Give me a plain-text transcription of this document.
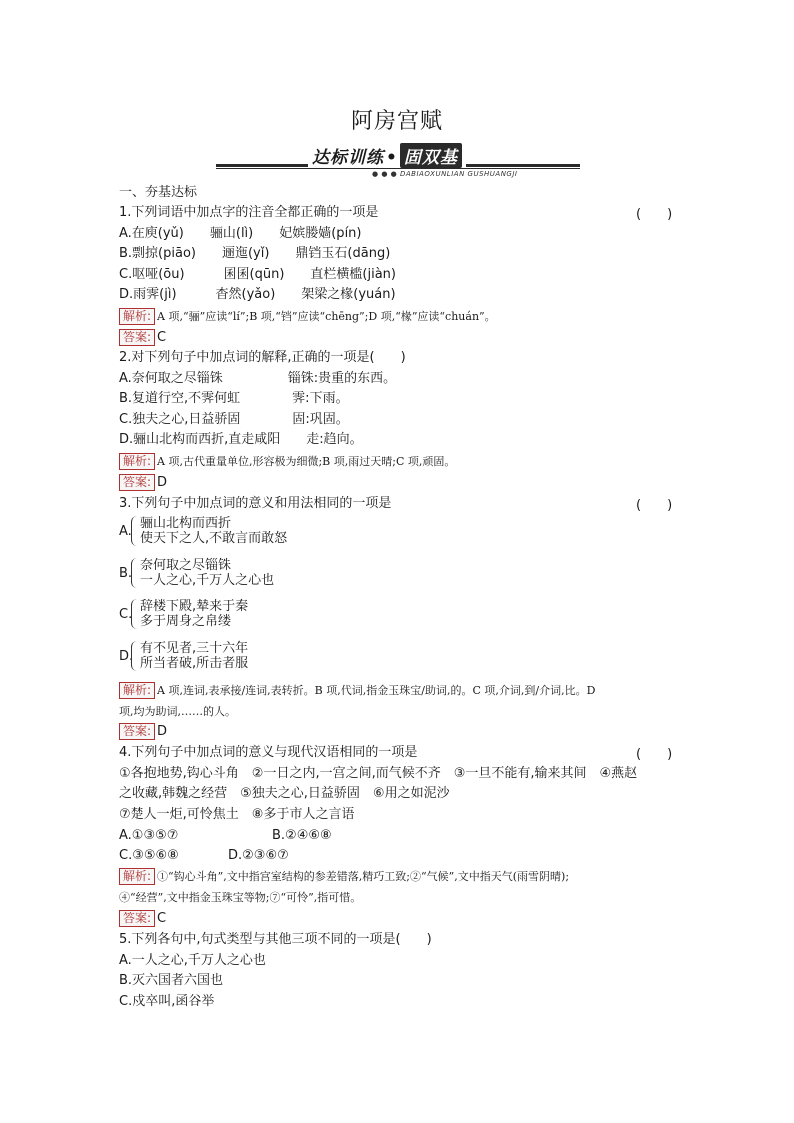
阿房宫赋
达标训练 • 固双基
● ● ● DABIAOXUNLIAN GUSHUANGJI
一、夯基达标
1.下列词语中加点字的注音全都正确的一项是	(　　)
A.在庾(yǔ)　　骊山(lì)　　妃嫔媵嫱(pín)
B.剽掠(piāo)　　逦迤(yǐ)　　鼎铛玉石(dāng)
C.呕哑(ōu)　　　囷囷(qūn)　　直栏横槛(jiàn)
D.雨霁(jì)　　　杳然(yǎo)　　架梁之椽(yuán)
解析: A 项,“骊”应读“lí”;B 项,“铛”应读“chēng”;D 项,“椽”应读“chuán”。
答案: C
2.对下列句子中加点词的解释,正确的一项是(　　)
A.奈何取之尽锱铢　　　　　锱铢:贵重的东西。
B.复道行空,不霁何虹　　　　霁:下雨。
C.独夫之心,日益骄固　　　　固:巩固。
D.骊山北构而西折,直走咸阳　　走:趋向。
解析: A 项,古代重量单位,形容极为细微;B 项,雨过天晴;C 项,顽固。
答案: D
3.下列句子中加点词的意义和用法相同的一项是	(　　)
A.
骊山北构而西折
使天下之人,不敢言而敢怒
B.
奈何取之尽锱铢
一人之心,千万人之心也
C.
辞楼下殿,辇来于秦
多于周身之帛缕
D.
有不见者,三十六年
所当者破,所击者服
解析: A 项,连词,表承接/连词,表转折。B 项,代词,指金玉珠宝/助词,的。C 项,介词,到/介词,比。D
项,均为助词,……的人。
答案: D
4.下列句子中加点词的意义与现代汉语相同的一项是	(　　)
①各抱地势,钩心斗角　②一日之内,一宫之间,而气候不齐　③一旦不能有,输来其间　④燕赵
之收藏,韩魏之经营　⑤独夫之心,日益骄固　⑥用之如泥沙
⑦楚人一炬,可怜焦土　⑧多于市人之言语
A.①③⑤⑦	B.②④⑥⑧
C.③⑤⑥⑧	D.②③⑥⑦
解析: ①“钩心斗角”,文中指宫室结构的参差错落,精巧工致;②“气候”,文中指天气(雨雪阴晴);
④“经营”,文中指金玉珠宝等物;⑦“可怜”,指可惜。
答案: C
5.下列各句中,句式类型与其他三项不同的一项是(　　)
A.一人之心,千万人之心也
B.灭六国者六国也
C.戍卒叫,函谷举
